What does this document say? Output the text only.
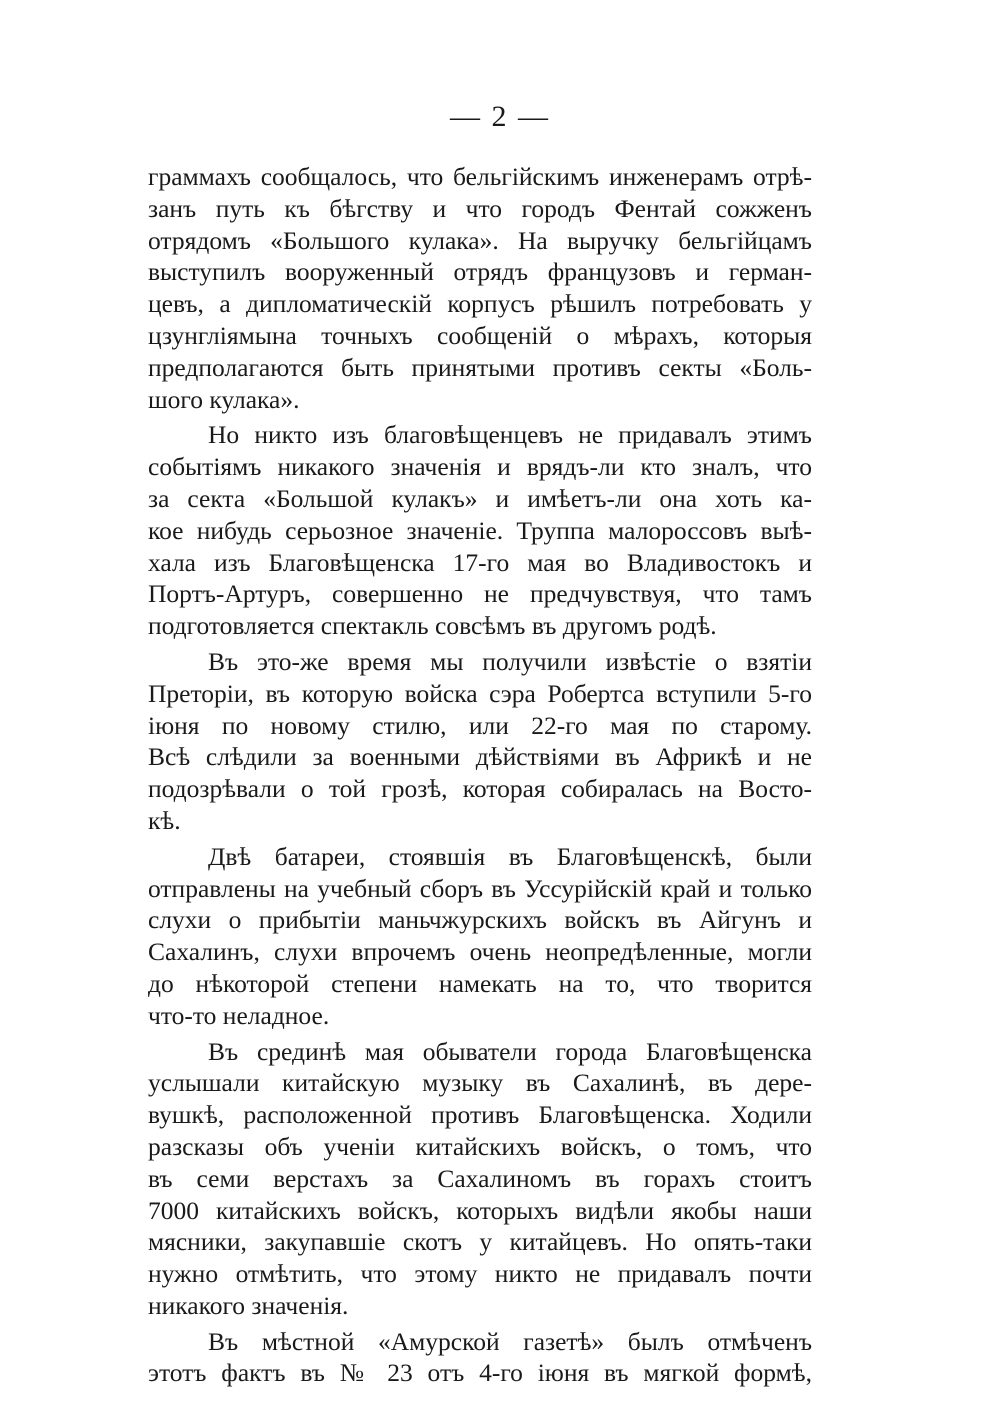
— 2 —
граммахъ сообщалось, что бельгійскимъ инженерамъ отрѣ-
занъ путь къ бѣгству и что городъ Фентай сожженъ
отрядомъ «Большого кулака». На выручку бельгійцамъ
выступилъ вооруженный отрядъ французовъ и герман-
цевъ, а дипломатическій корпусъ рѣшилъ потребовать у
цзунгліямына точныхъ сообщеній о мѣрахъ, которыя
предполагаются быть принятыми противъ секты «Боль-
шого кулака».
Но никто изъ благовѣщенцевъ не придавалъ этимъ
событіямъ никакого значенія и врядъ-ли кто зналъ, что
за секта «Большой кулакъ» и имѣетъ-ли она хоть ка-
кое нибудь серьозное значеніе. Труппа малороссовъ выѣ-
хала изъ Благовѣщенска 17-го мая во Владивостокъ и
Портъ-Артуръ, совершенно не предчувствуя, что тамъ
подготовляется спектакль совсѣмъ въ другомъ родѣ.
Въ это-же время мы получили извѣстіе о взятіи
Преторіи, въ которую войска сэра Робертса вступили 5-го
іюня по новому стилю, или 22-го мая по старому.
Всѣ слѣдили за военными дѣйствіями въ Африкѣ и не
подозрѣвали о той грозѣ, которая собиралась на Восто-
кѣ.
Двѣ батареи, стоявшія въ Благовѣщенскѣ, были
отправлены на учебный сборъ въ Уссурійскій край и только
слухи о прибытіи маньчжурскихъ войскъ въ Айгунъ и
Сахалинъ, слухи впрочемъ очень неопредѣленные, могли
до нѣкоторой степени намекать на то, что творится
что-то неладное.
Въ срединѣ мая обыватели города Благовѣщенска
услышали китайскую музыку въ Сахалинѣ, въ дере-
вушкѣ, расположенной противъ Благовѣщенска. Ходили
разсказы объ ученіи китайскихъ войскъ, о томъ, что
въ семи верстахъ за Сахалиномъ въ горахъ стоитъ
7000 китайскихъ войскъ, которыхъ видѣли якобы наши
мясники, закупавшіе скотъ у китайцевъ. Но опять-таки
нужно отмѣтить, что этому никто не придавалъ почти
никакого значенія.
Въ мѣстной «Амурской газетѣ» былъ отмѣченъ
этотъ фактъ въ № 23 отъ 4-го іюня въ мягкой формѣ,
